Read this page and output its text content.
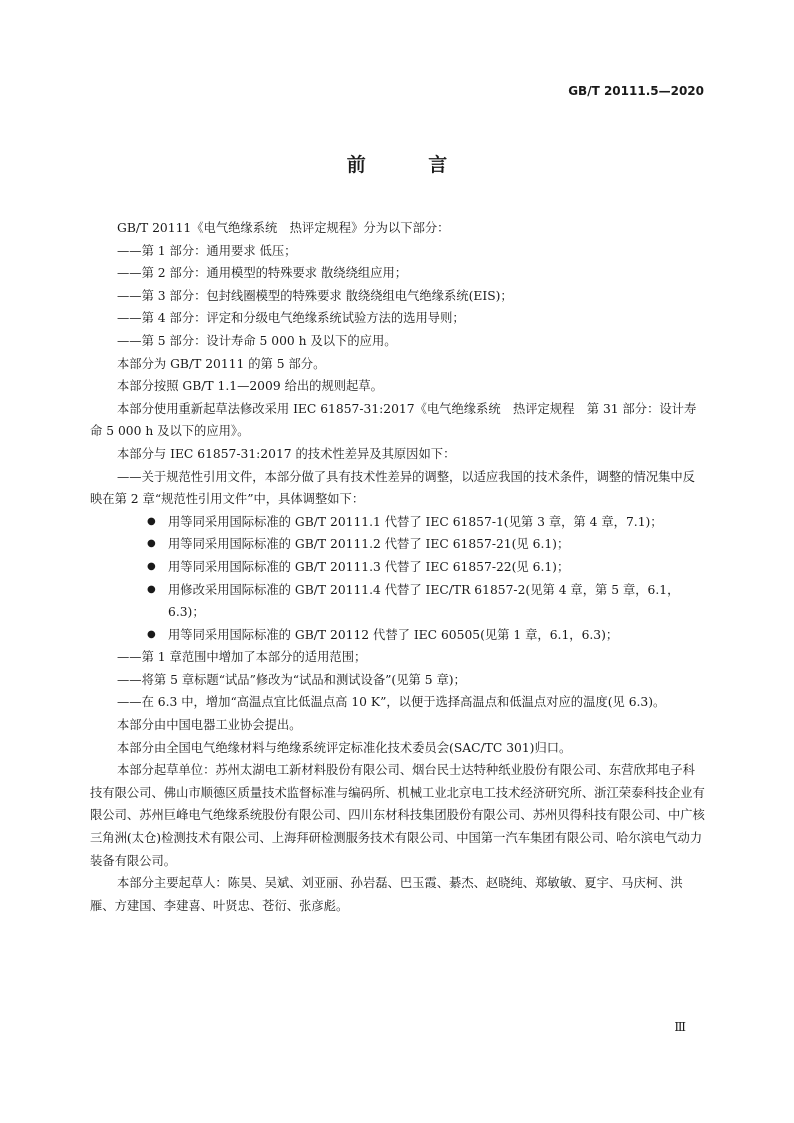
GB/T 20111.5—2020
前 言

GB/T 20111《电气绝缘系统　热评定规程》分为以下部分：

——第 1 部分：通用要求 低压；

——第 2 部分：通用模型的特殊要求 散绕绕组应用；

——第 3 部分：包封线圈模型的特殊要求 散绕绕组电气绝缘系统(EIS)；

——第 4 部分：评定和分级电气绝缘系统试验方法的选用导则；

——第 5 部分：设计寿命 5 000 h 及以下的应用。

本部分为 GB/T 20111 的第 5 部分。

本部分按照 GB/T 1.1—2009 给出的规则起草。

本部分使用重新起草法修改采用 IEC 61857-31:2017《电气绝缘系统　热评定规程　第 31 部分：设计寿命 5 000 h 及以下的应用》。

本部分与 IEC 61857-31:2017 的技术性差异及其原因如下：

——关于规范性引用文件，本部分做了具有技术性差异的调整，以适应我国的技术条件，调整的情况集中反映在第 2 章“规范性引用文件”中，具体调整如下：

● 用等同采用国际标准的 GB/T 20111.1 代替了 IEC 61857-1(见第 3 章，第 4 章，7.1)；

● 用等同采用国际标准的 GB/T 20111.2 代替了 IEC 61857-21(见 6.1)；

● 用等同采用国际标准的 GB/T 20111.3 代替了 IEC 61857-22(见 6.1)；

● 用修改采用国际标准的 GB/T 20111.4 代替了 IEC/TR 61857-2(见第 4 章，第 5 章，6.1，6.3)；

● 用等同采用国际标准的 GB/T 20112 代替了 IEC 60505(见第 1 章，6.1，6.3)；

——第 1 章范围中增加了本部分的适用范围；

——将第 5 章标题“试品”修改为“试品和测试设备”(见第 5 章)；

——在 6.3 中，增加“高温点宜比低温点高 10 K”，以便于选择高温点和低温点对应的温度(见 6.3)。

本部分由中国电器工业协会提出。

本部分由全国电气绝缘材料与绝缘系统评定标准化技术委员会(SAC/TC 301)归口。

本部分起草单位：苏州太湖电工新材料股份有限公司、烟台民士达特种纸业股份有限公司、东营欣邦电子科技有限公司、佛山市顺德区质量技术监督标准与编码所、机械工业北京电工技术经济研究所、浙江荣泰科技企业有限公司、苏州巨峰电气绝缘系统股份有限公司、四川东材科技集团股份有限公司、苏州贝得科技有限公司、中广核三角洲(太仓)检测技术有限公司、上海拜研检测服务技术有限公司、中国第一汽车集团有限公司、哈尔滨电气动力装备有限公司。

本部分主要起草人：陈昊、吴斌、刘亚丽、孙岩磊、巴玉霞、綦杰、赵晓纯、郑敏敏、夏宇、马庆柯、洪雁、方建国、李建喜、叶贤忠、苍衍、张彦彪。

Ⅲ
